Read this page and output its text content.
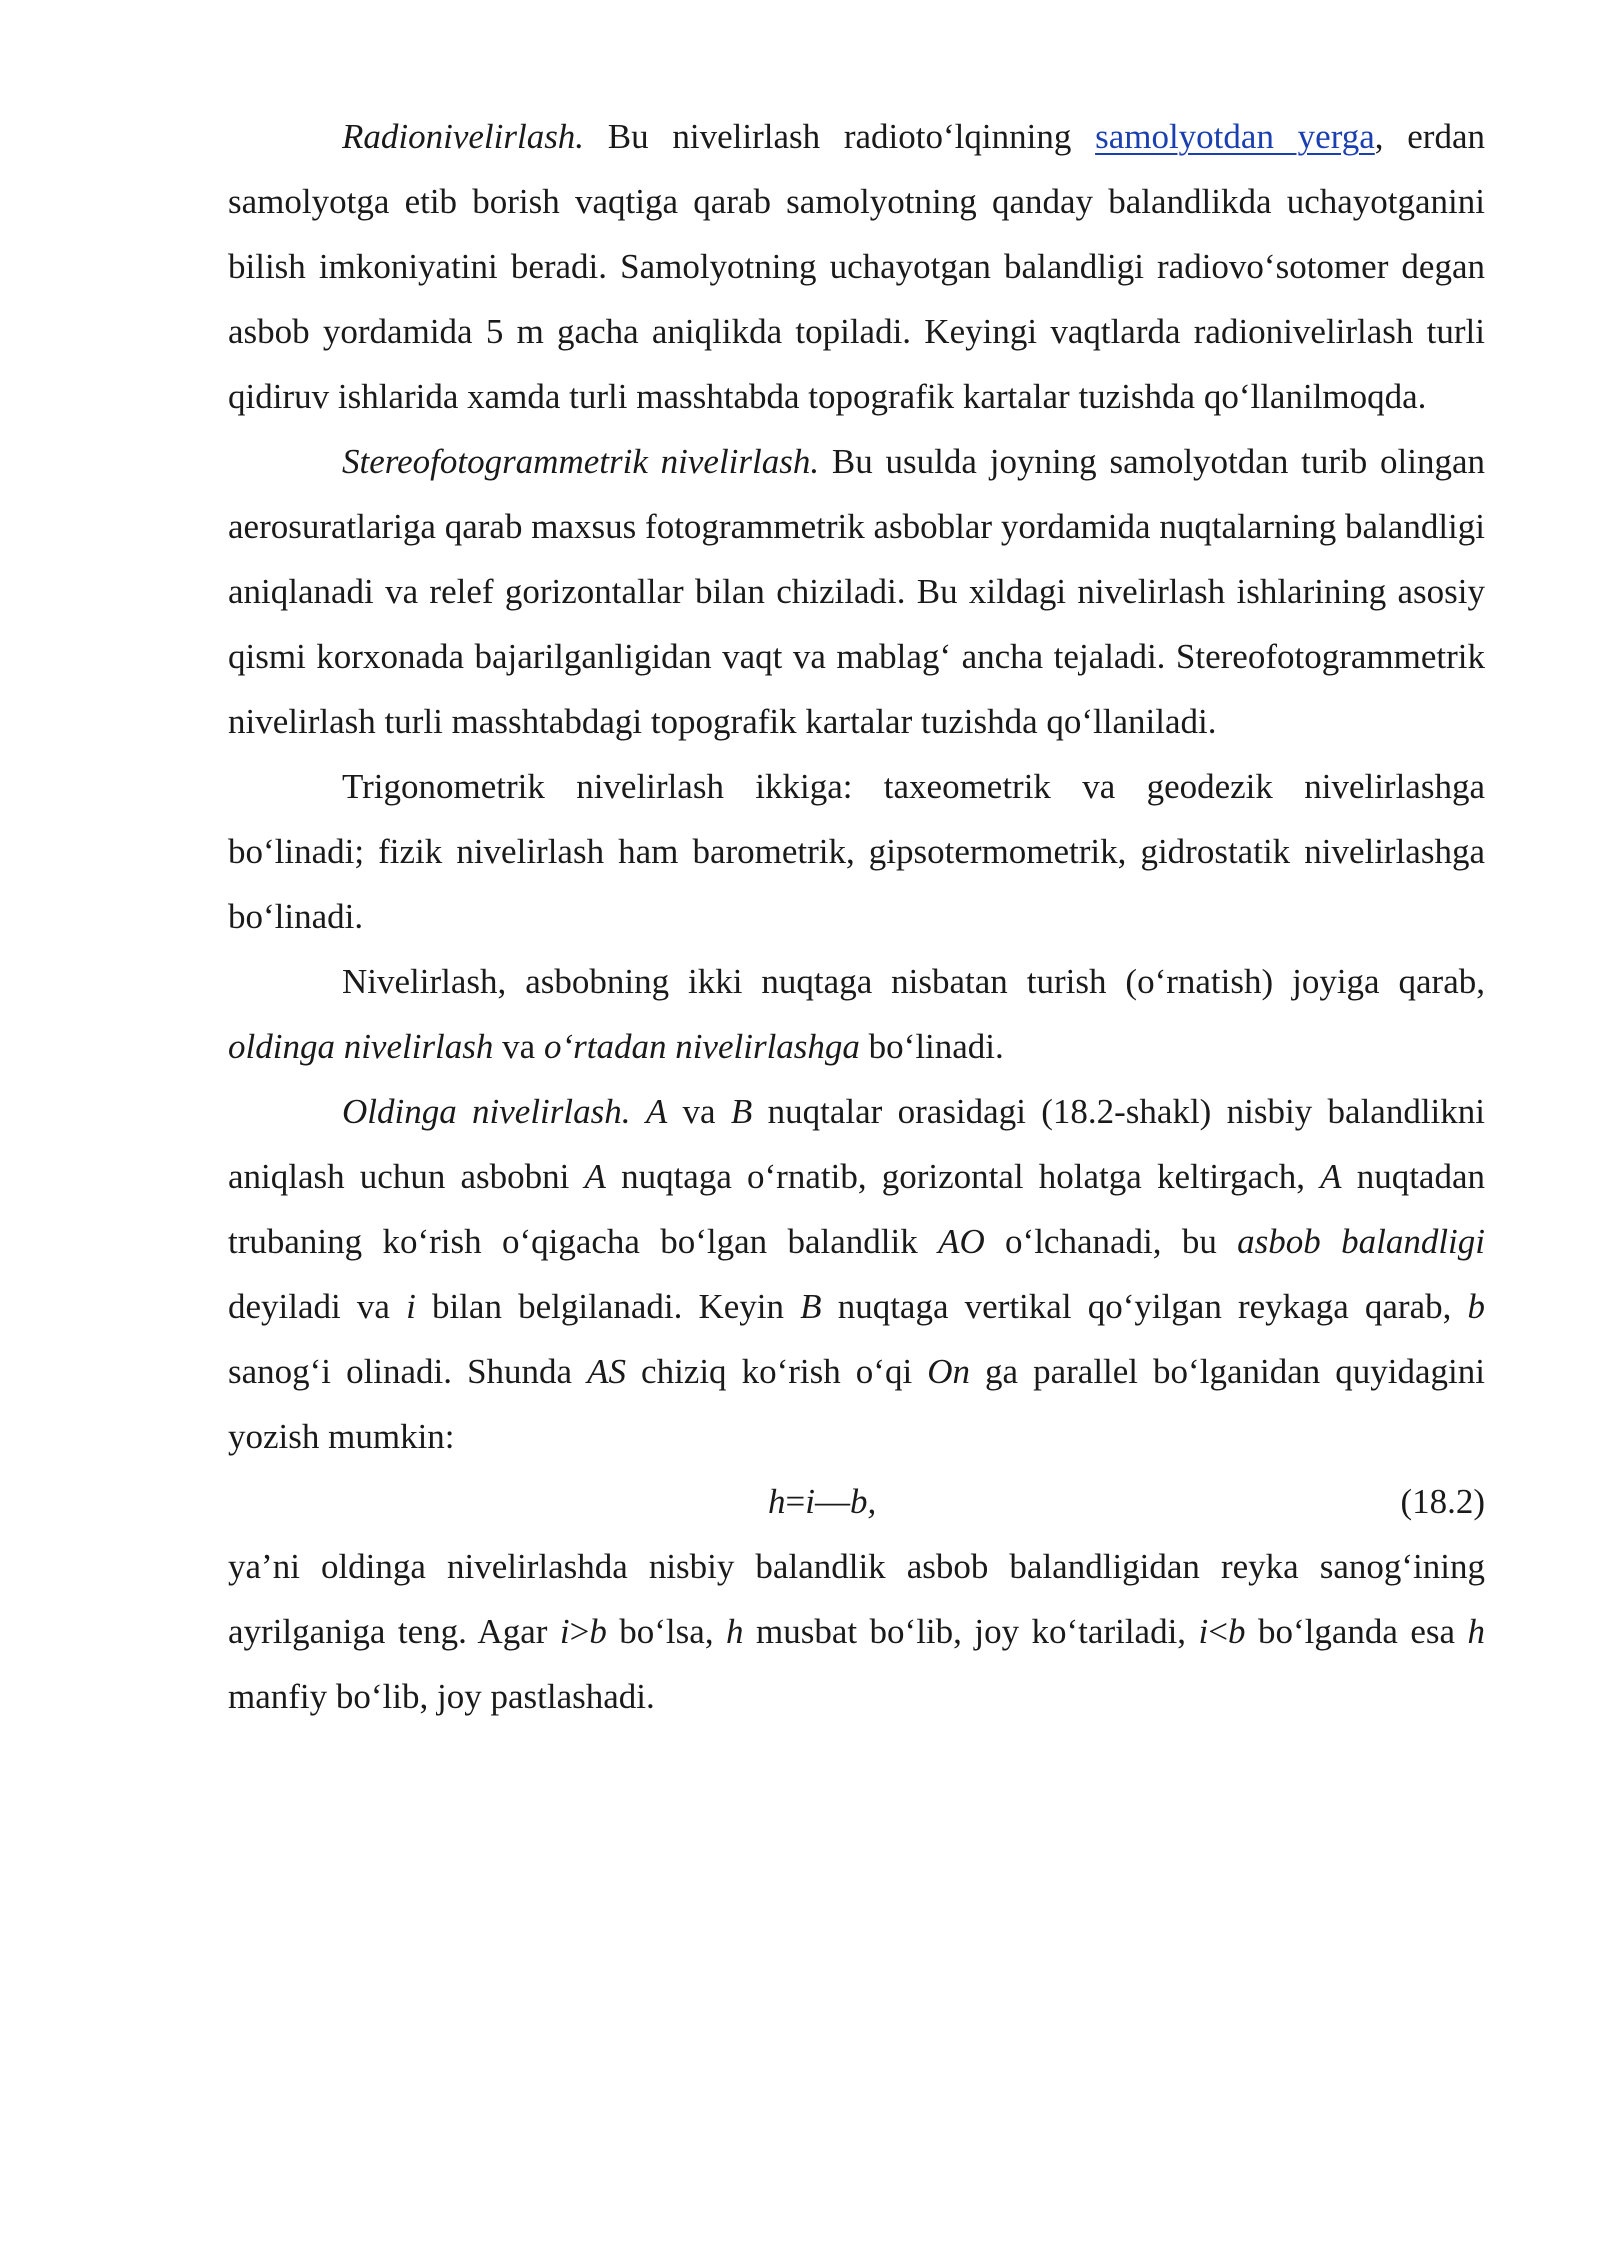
Radionivelirlash. Bu nivelirlash radiotoʻlqinning samolyotdan yerga, erdan samolyotga etib borish vaqtiga qarab samolyotning qanday balandlikda uchayotganini bilish imkoniyatini beradi. Samolyotning uchayotgan balandligi radiovoʻsotomer degan asbob yordamida 5 m gacha aniqlikda topiladi. Keyingi vaqtlarda radionivelirlash turli qidiruv ishlarida xamda turli masshtabda topografik kartalar tuzishda qoʻllanilmoqda.

Stereofotogrammetrik nivelirlash. Bu usulda joyning samolyotdan turib olingan aerosuratlariga qarab maxsus fotogrammetrik asboblar yordamida nuqtalarning balandligi aniqlanadi va relef gorizontallar bilan chiziladi. Bu xildagi nivelirlash ishlarining asosiy qismi korxonada bajarilganligidan vaqt va mablagʻ ancha tejaladi. Stereofotogrammetrik nivelirlash turli masshtabdagi topografik kartalar tuzishda qoʻllaniladi.

Trigonometrik nivelirlash ikkiga: taxeometrik va geodezik nivelirlashga boʻlinadi; fizik nivelirlash ham barometrik, gipsotermometrik, gidrostatik nivelirlashga boʻlinadi.

Nivelirlash, asbobning ikki nuqtaga nisbatan turish (oʻrnatish) joyiga qarab, oldinga nivelirlash va oʻrtadan nivelirlashga boʻlinadi.

Oldinga nivelirlash. A va B nuqtalar orasidagi (18.2-shakl) nisbiy balandlikni aniqlash uchun asbobni A nuqtaga oʻrnatib, gorizontal holatga keltirgach, A nuqtadan trubaning koʻrish oʻqigacha boʻlgan balandlik AO oʻlchanadi, bu asbob balandligi deyiladi va i bilan belgilanadi. Keyin B nuqtaga vertikal qoʻyilgan reykaga qarab, b sanogʻi olinadi. Shunda AS chiziq koʻrish oʻqi On ga parallel boʻlganidan quyidagini yozish mumkin:

h=i—b,	(18.2)

ya’ni oldinga nivelirlashda nisbiy balandlik asbob balandligidan reyka sanogʻining ayrilganiga teng. Agar i>b boʻlsa, h musbat boʻlib, joy koʻtariladi, i<b boʻlganda esa h manfiy boʻlib, joy pastlashadi.
